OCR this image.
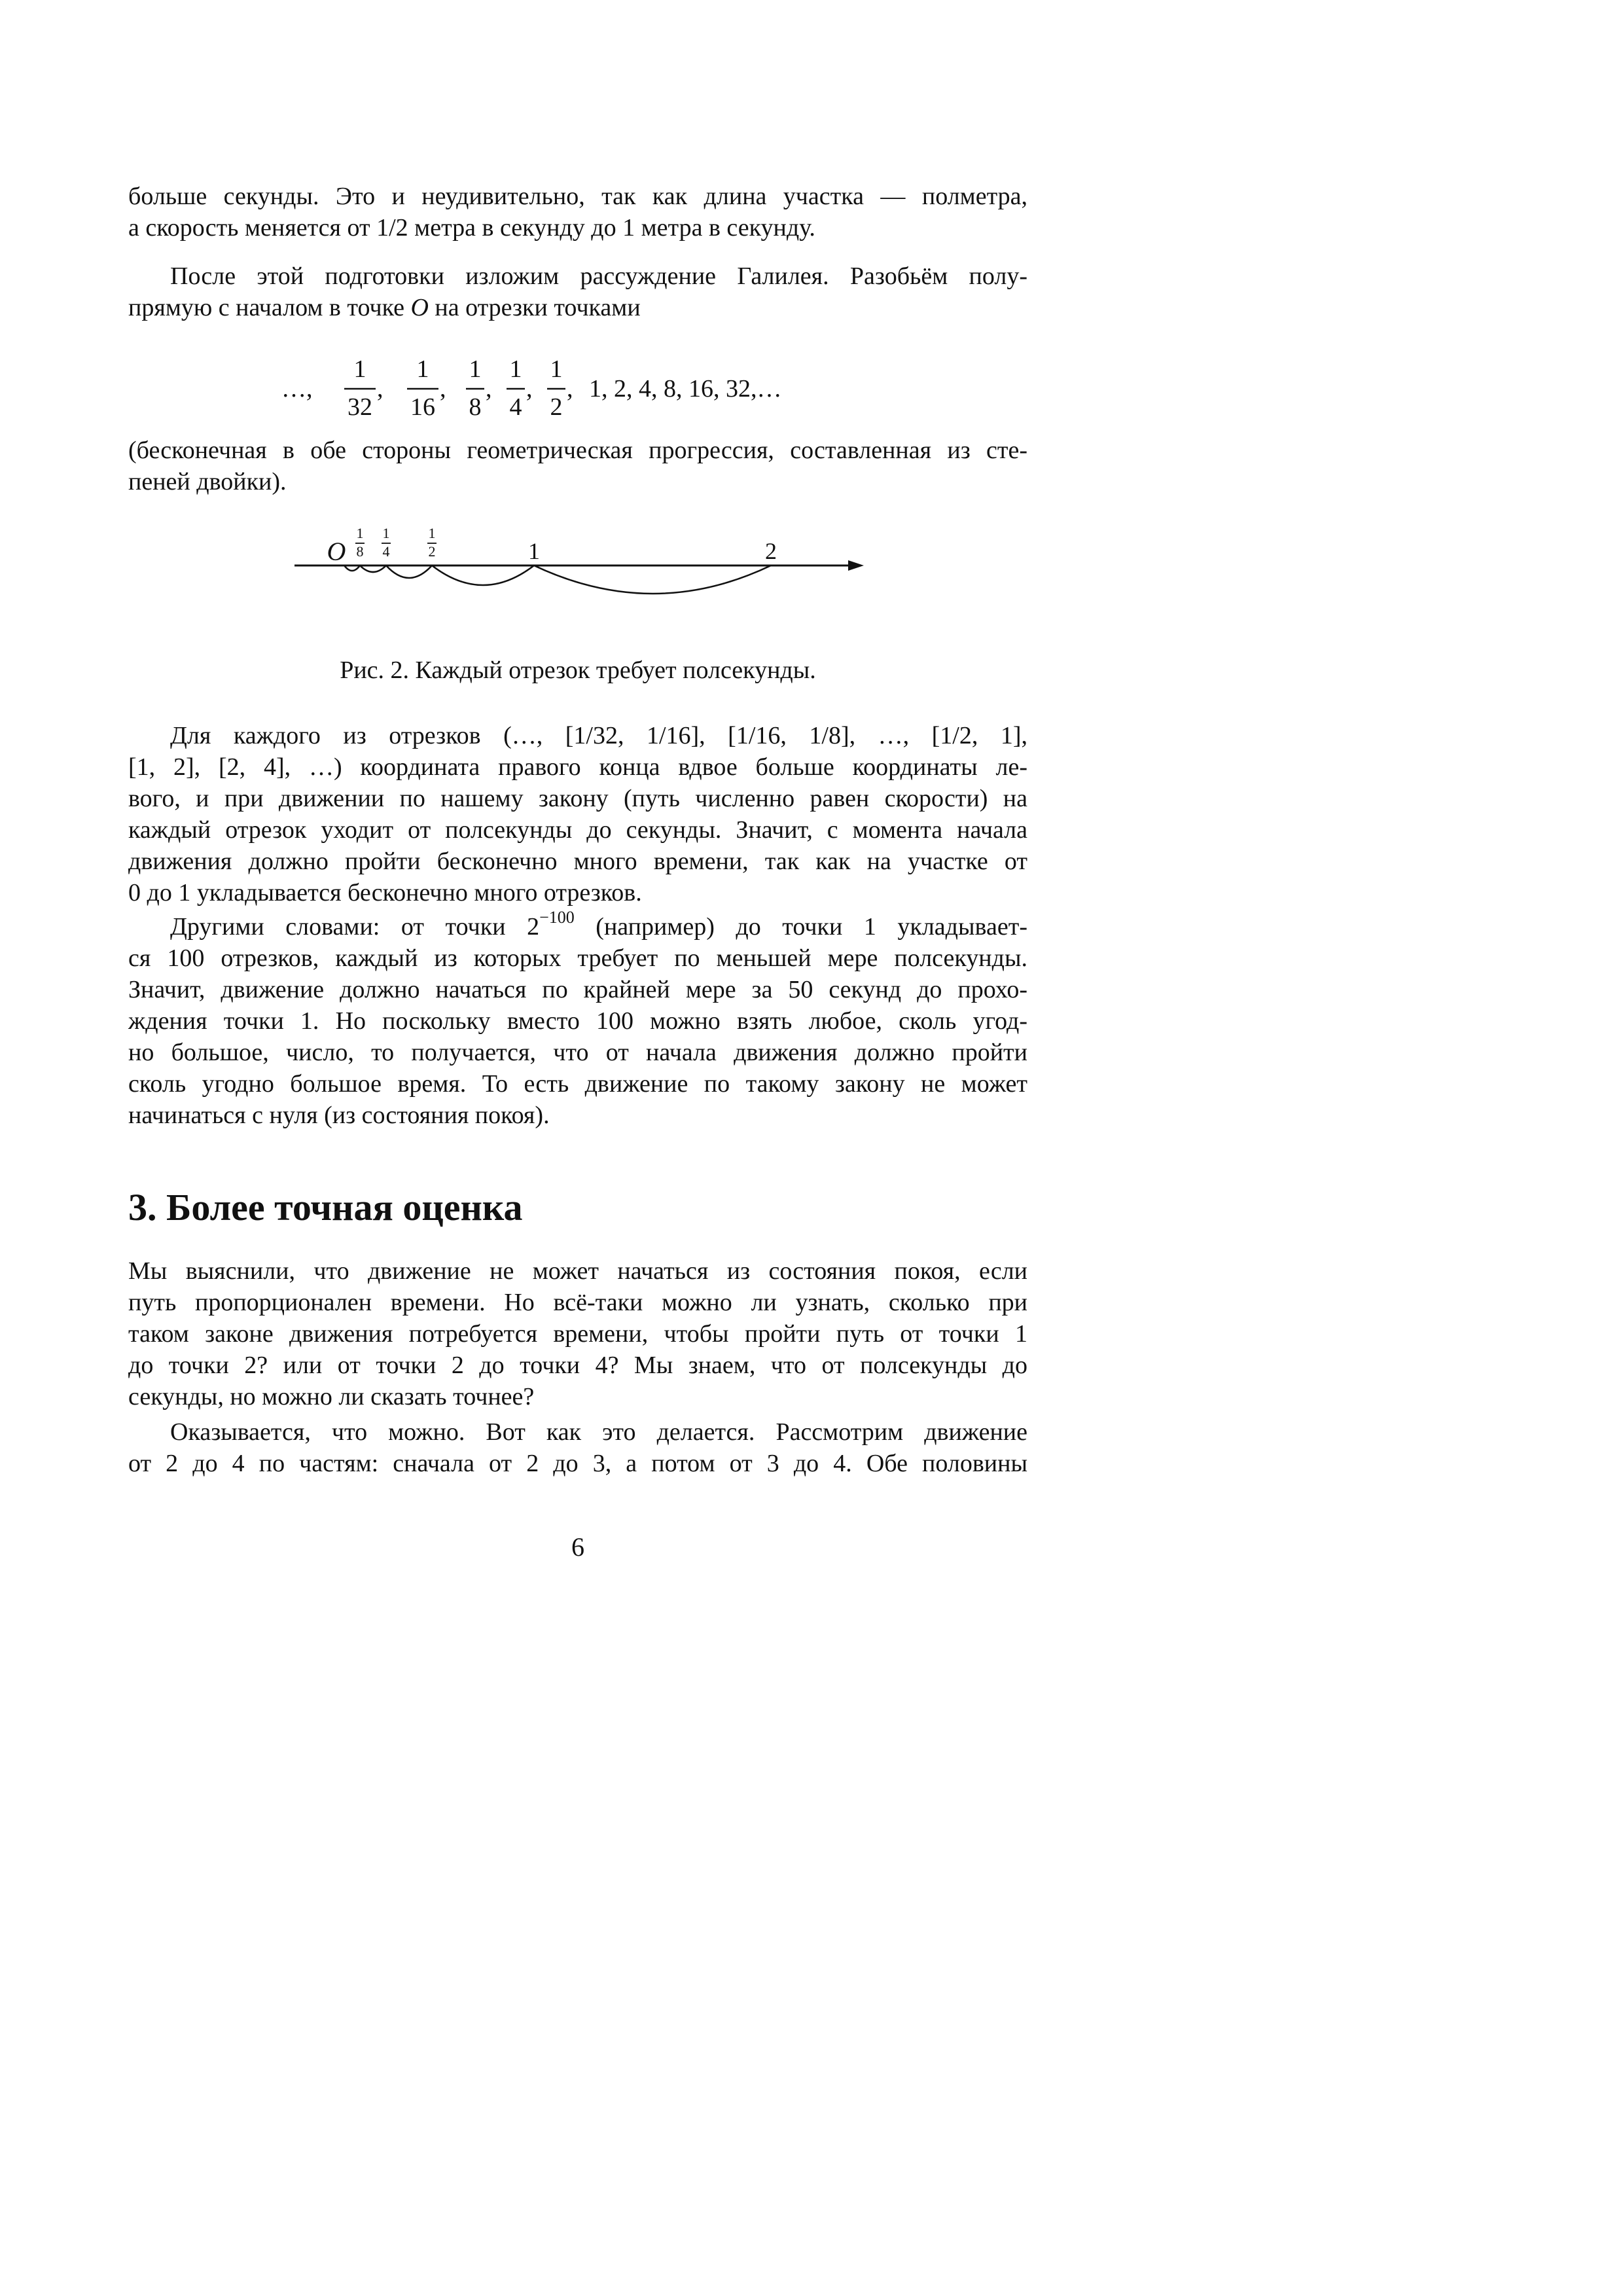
больше секунды. Это и неудивительно, так как длина участка — полметра,
а скорость меняется от 1/2 метра в секунду до 1 метра в секунду.
После этой подготовки изложим рассуждение Галилея. Разобьём полу-
прямую с началом в точке O на отрезки точками
…,
1
32
,
1
16
,
1
8
,
1
4
,
1
2
, 1, 2, 4, 8, 16, 32,…
(бесконечная в обе стороны геометрическая прогрессия, составленная из сте-
пеней двойки).
O
1
8
1
4
1
2	1	2
Рис. 2. Каждый отрезок требует полсекунды.
Для каждого из отрезков (…, [1/32, 1/16], [1/16, 1/8], …, [1/2, 1],
[1, 2], [2, 4], …) координата правого конца вдвое больше координаты ле-
вого, и при движении по нашему закону (путь численно равен скорости) на
каждый отрезок уходит от полсекунды до секунды. Значит, с момента начала
движения должно пройти бесконечно много времени, так как на участке от
0 до 1 укладывается бесконечно много отрезков.
Другими словами: от точки $2^{-100}$ (например) до точки 1 укладывает-
ся 100 отрезков, каждый из которых требует по меньшей мере полсекунды.
Значит, движение должно начаться по крайней мере за 50 секунд до прохо-
ждения точки 1. Но поскольку вместо 100 можно взять любое, сколь угод-
но большое, число, то получается, что от начала движения должно пройти
сколь угодно большое время. То есть движение по такому закону не может
начинаться с нуля (из состояния покоя).
3. Более точная оценка
Мы выяснили, что движение не может начаться из состояния покоя, если
путь пропорционален времени. Но всё-таки можно ли узнать, сколько при
таком законе движения потребуется времени, чтобы пройти путь от точки 1
до точки 2? или от точки 2 до точки 4? Мы знаем, что от полсекунды до
секунды, но можно ли сказать точнее?
Оказывается, что можно. Вот как это делается. Рассмотрим движение
от 2 до 4 по частям: сначала от 2 до 3, а потом от 3 до 4. Обе половины
6
